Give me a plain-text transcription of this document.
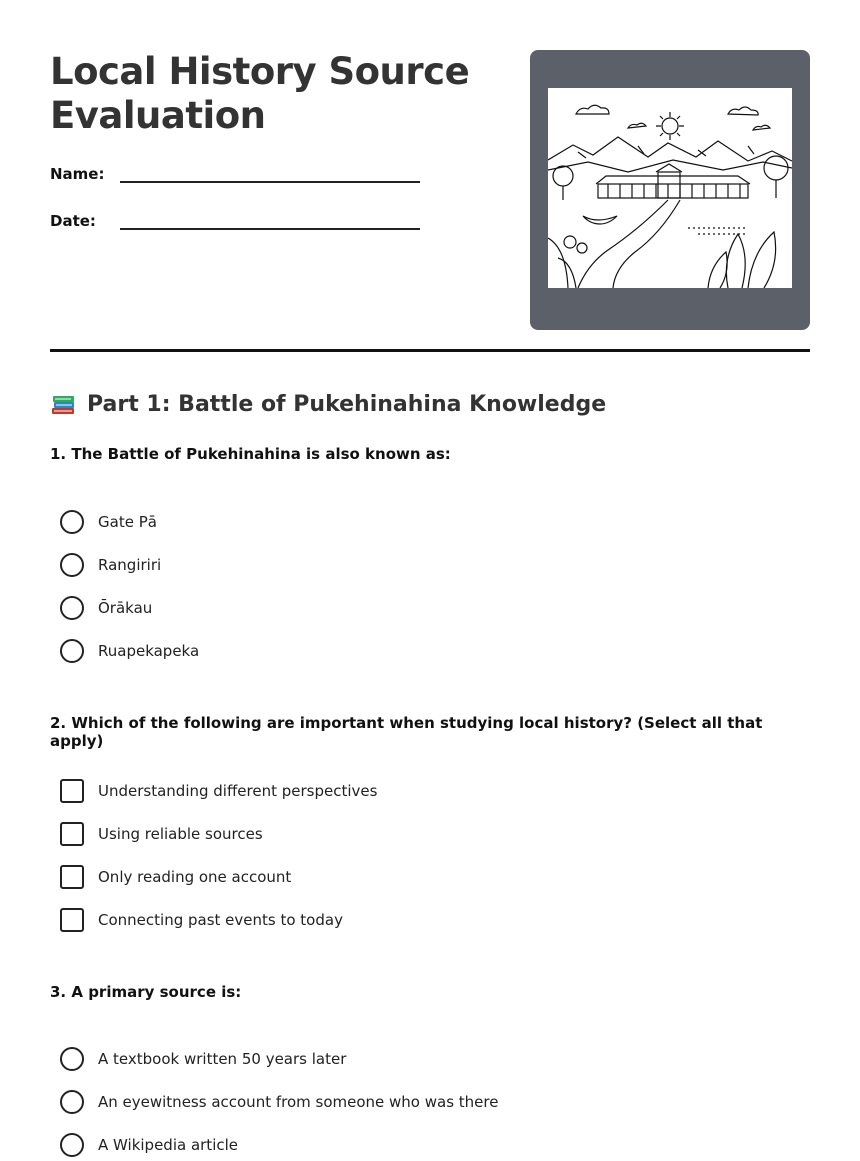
Local History Source
Evaluation
Name:
Date:
Part 1: Battle of Pukehinahina Knowledge
1. The Battle of Pukehinahina is also known as:
Gate Pā
Rangiriri
Ōrākau
Ruapekapeka
2. Which of the following are important when studying local history? (Select all that apply)
Understanding different perspectives
Using reliable sources
Only reading one account
Connecting past events to today
3. A primary source is:
A textbook written 50 years later
An eyewitness account from someone who was there
A Wikipedia article
